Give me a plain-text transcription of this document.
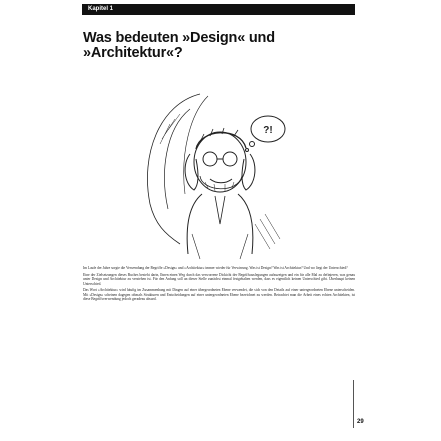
Kapitel 1
Was bedeuten »Design« und
»Architektur«?
?!

Im Laufe der Jahre sorgte die Verwendung der Begriffe »Design« und »Architektur« immer wieder für Verwirrung. Was ist Design? Was ist Architektur? Und wo liegt der Unterschied?

Eine der Zielsetzungen dieses Buches besteht darin, Ihnen einen Weg durch das verworrene Dickicht der Begriffsauslegungen aufzuzeigen und ein für alle Mal zu definieren, was genau unter Design und Architektur zu verstehen ist. Für den Anfang soll an dieser Stelle zunächst einmal festgehalten werden, dass es eigentlich keinen Unterschied gibt. Überhaupt keinen Unterschied.

Das Wort »Architektur« wird häufig im Zusammenhang mit Dingen auf einer übergeordneten Ebene verwendet, die sich von den Details auf einer untergeordneten Ebene unterscheiden. Mit »Design« scheinen dagegen oftmals Strukturen und Entscheidungen auf einer untergeordneten Ebene bezeichnet zu werden. Betrachtet man die Arbeit eines echten Architekten, ist diese Begriffsverwendung jedoch geradezu absurd.

29
